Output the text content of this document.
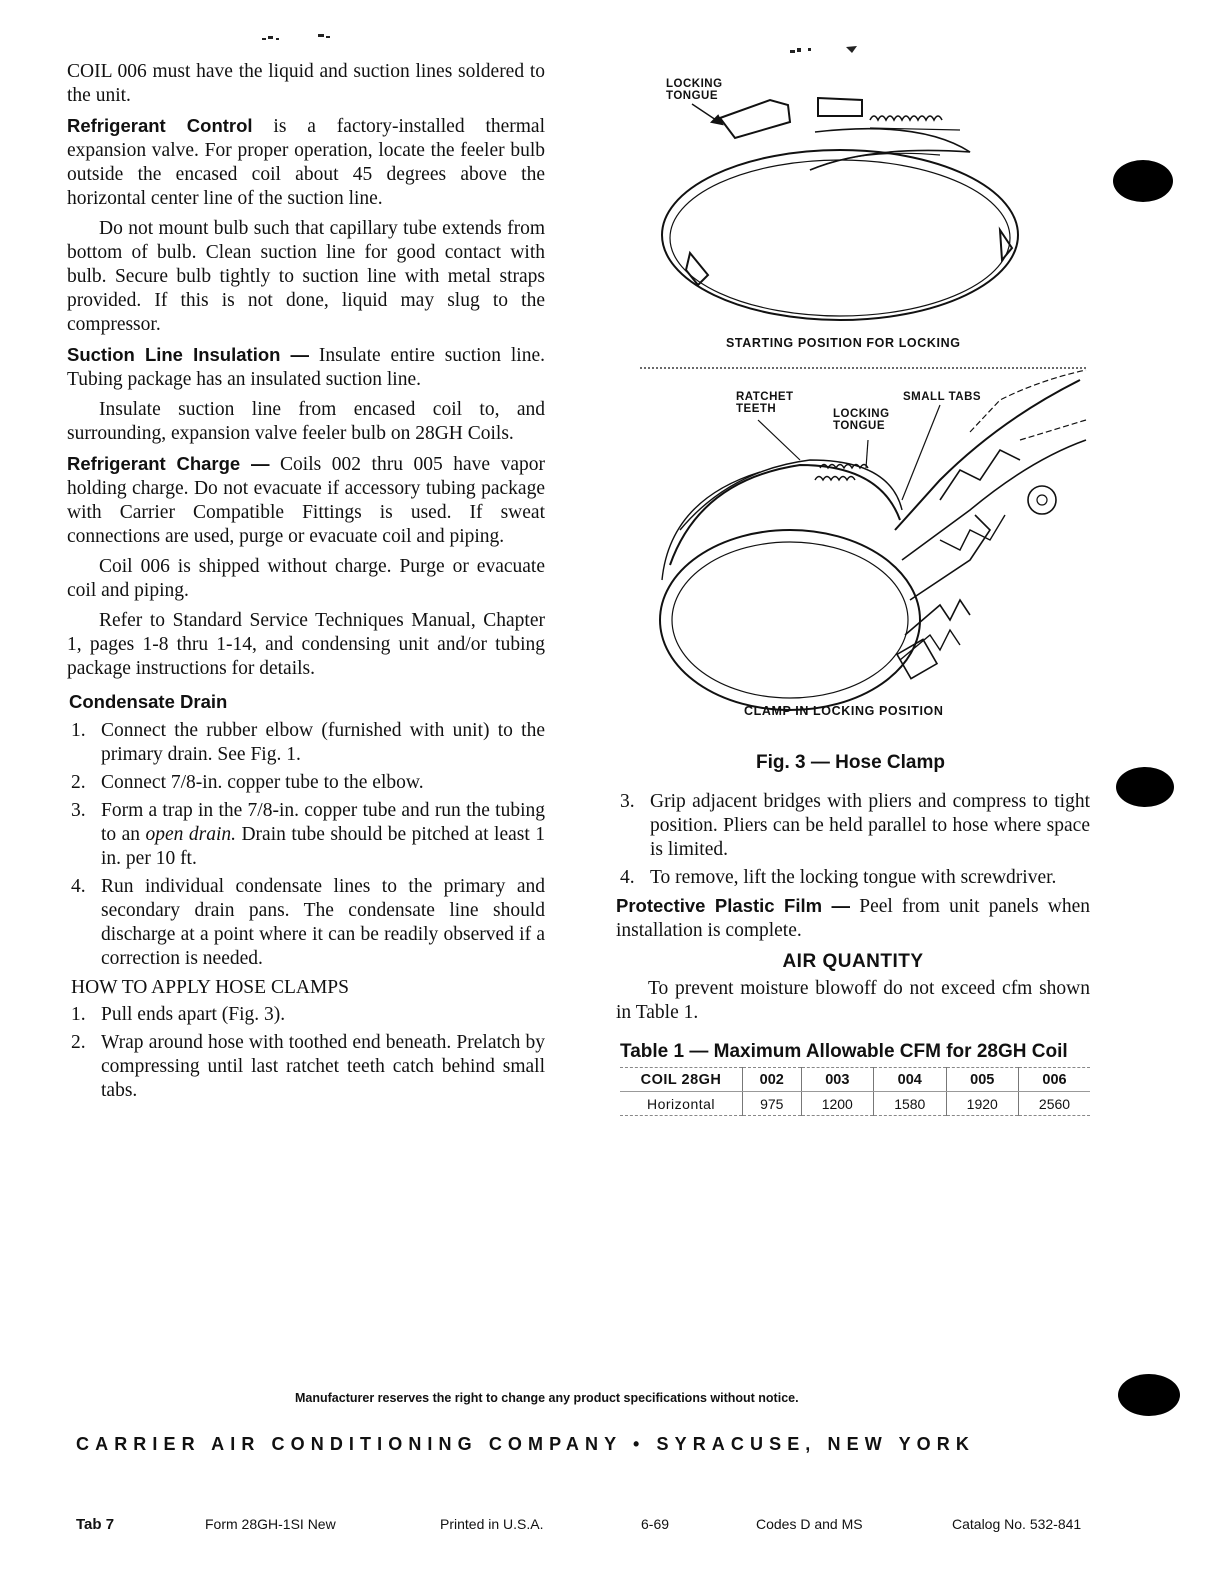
COIL 006 must have the liquid and suction lines soldered to the unit.

Refrigerant Control is a factory-installed thermal expansion valve. For proper operation, locate the feeler bulb outside the encased coil about 45 degrees above the horizontal center line of the suction line.

Do not mount bulb such that capillary tube extends from bottom of bulb. Clean suction line for good contact with bulb. Secure bulb tightly to suction line with metal straps provided. If this is not done, liquid may slug to the compressor.

Suction Line Insulation — Insulate entire suction line. Tubing package has an insulated suction line.

Insulate suction line from encased coil to, and surrounding, expansion valve feeler bulb on 28GH Coils.

Refrigerant Charge — Coils 002 thru 005 have vapor holding charge. Do not evacuate if accessory tubing package with Carrier Compatible Fittings is used. If sweat connections are used, purge or evacuate coil and piping.

Coil 006 is shipped without charge. Purge or evacuate coil and piping.

Refer to Standard Service Techniques Manual, Chapter 1, pages 1-8 thru 1-14, and condensing unit and/or tubing package instructions for details.

Condensate Drain
1. Connect the rubber elbow (furnished with unit) to the primary drain. See Fig. 1.
2. Connect 7/8-in. copper tube to the elbow.
3. Form a trap in the 7/8-in. copper tube and run the tubing to an open drain. Drain tube should be pitched at least 1 in. per 10 ft.
4. Run individual condensate lines to the primary and secondary drain pans. The condensate line should discharge at a point where it can be readily observed if a correction is needed.
HOW TO APPLY HOSE CLAMPS
1. Pull ends apart (Fig. 3).
2. Wrap around hose with toothed end beneath. Prelatch by compressing until last ratchet teeth catch behind small tabs.
LOCKING TONGUE
STARTING POSITION FOR LOCKING
RATCHET TEETH	LOCKING TONGUE
SMALL TABS
CLAMP IN LOCKING POSITION
Fig. 3 — Hose Clamp
3. Grip adjacent bridges with pliers and compress to tight position. Pliers can be held parallel to hose where space is limited.
4. To remove, lift the locking tongue with screwdriver.

Protective Plastic Film — Peel from unit panels when installation is complete.

AIR QUANTITY

To prevent moisture blowoff do not exceed cfm shown in Table 1.

Table 1 — Maximum Allowable CFM for 28GH Coil
COIL 28GH	002	003	004	005	006
Horizontal	975	1200	1580	1920	2560
Manufacturer reserves the right to change any product specifications without notice.
CARRIER AIR CONDITIONING COMPANY • SYRACUSE, NEW YORK
Tab 7	Form 28GH-1SI New	Printed in U.S.A.	6-69	Codes D and MS	Catalog No. 532-841
